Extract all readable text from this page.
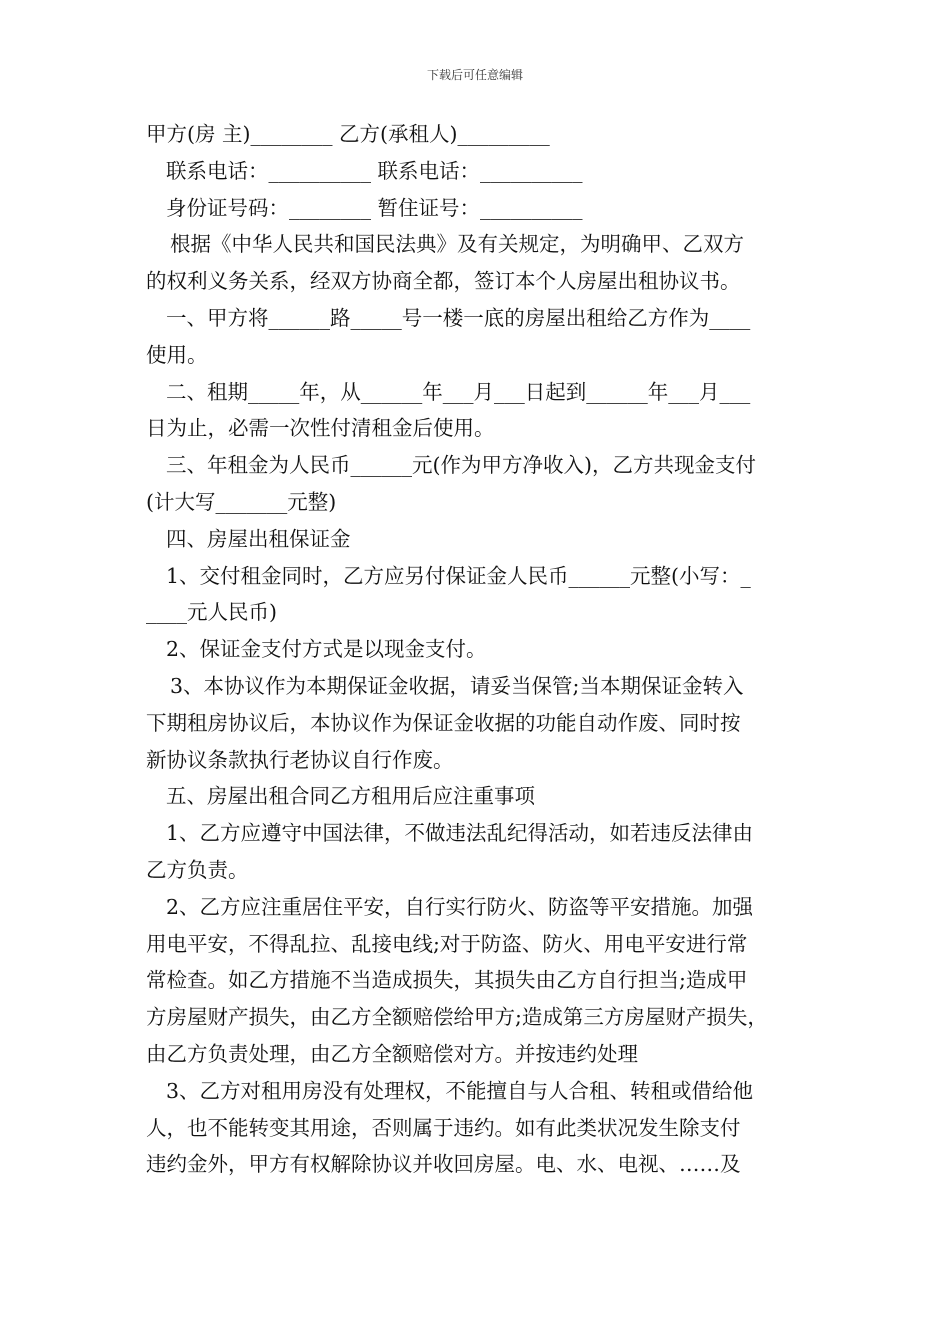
下载后可任意编辑
甲方(房 主)________ 乙方(承租人)_________
联系电话：__________ 联系电话：__________
身份证号码：________ 暂住证号：__________
根据《中华人民共和国民法典》及有关规定，为明确甲、乙双方
的权利义务关系，经双方协商全都，签订本个人房屋出租协议书。
一、甲方将______路_____号一楼一底的房屋出租给乙方作为____
使用。
二、租期_____年，从______年___月___日起到______年___月___
日为止，必需一次性付清租金后使用。
三、年租金为人民币______元(作为甲方净收入)，乙方共现金支付
(计大写_______元整)
四、房屋出租保证金
1、交付租金同时，乙方应另付保证金人民币______元整(小写：_
____元人民币)
2、保证金支付方式是以现金支付。
3、本协议作为本期保证金收据，请妥当保管;当本期保证金转入
下期租房协议后，本协议作为保证金收据的功能自动作废、同时按
新协议条款执行老协议自行作废。
五、房屋出租合同乙方租用后应注重事项
1、乙方应遵守中国法律，不做违法乱纪得活动，如若违反法律由
乙方负责。
2、乙方应注重居住平安，自行实行防火、防盗等平安措施。加强
用电平安，不得乱拉、乱接电线;对于防盗、防火、用电平安进行常
常检查。如乙方措施不当造成损失，其损失由乙方自行担当;造成甲
方房屋财产损失，由乙方全额赔偿给甲方;造成第三方房屋财产损失，
由乙方负责处理，由乙方全额赔偿对方。并按违约处理
3、乙方对租用房没有处理权，不能擅自与人合租、转租或借给他
人，也不能转变其用途，否则属于违约。如有此类状况发生除支付
违约金外，甲方有权解除协议并收回房屋。电、水、电视、……及
